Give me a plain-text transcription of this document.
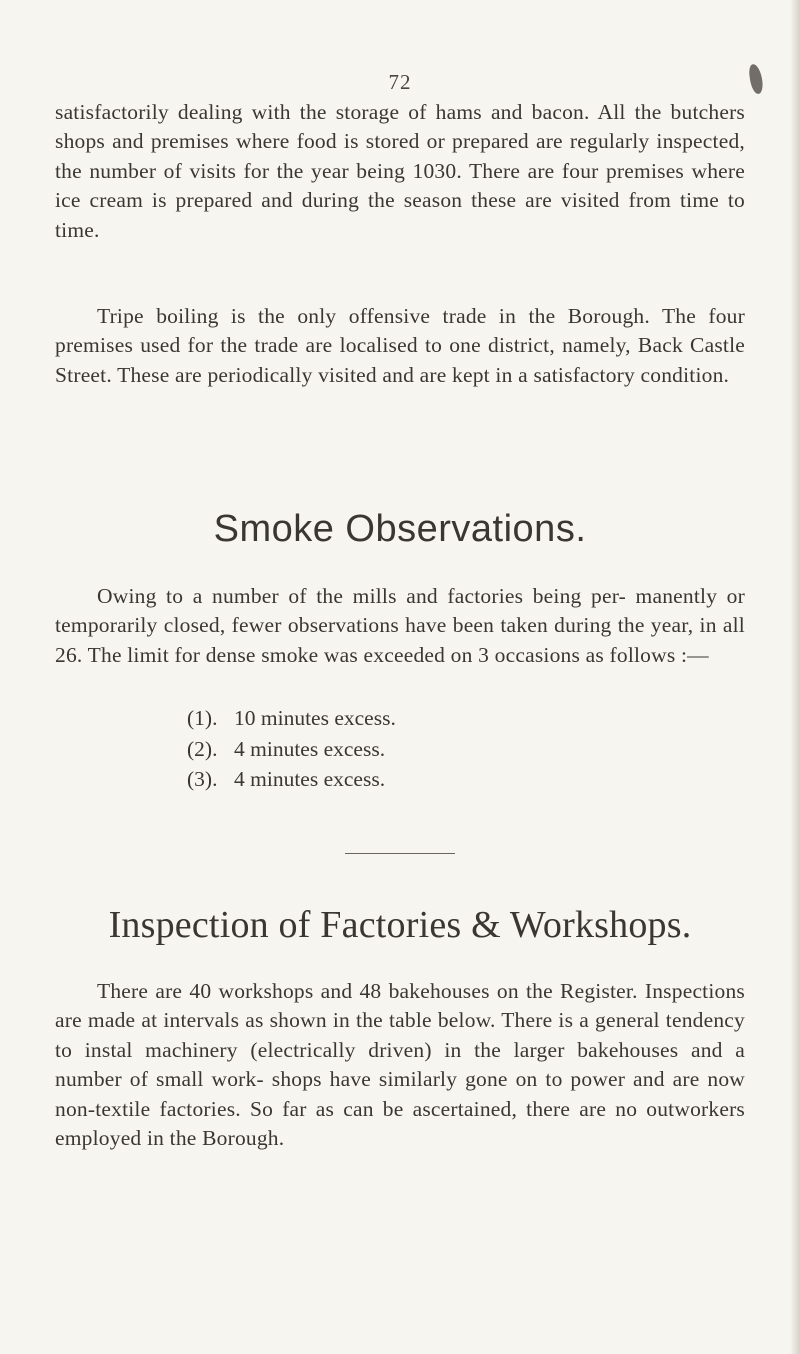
72

satisfactorily dealing with the storage of hams and bacon. All the butchers shops and premises where food is stored or prepared are regularly inspected, the number of visits for the year being 1030. There are four premises where ice cream is prepared and during the season these are visited from time to time.

Tripe boiling is the only offensive trade in the Borough. The four premises used for the trade are localised to one district, namely, Back Castle Street. These are periodically visited and are kept in a satisfactory condition.

Smoke Observations.

Owing to a number of the mills and factories being per- manently or temporarily closed, fewer observations have been taken during the year, in all 26. The limit for dense smoke was exceeded on 3 occasions as follows :—

(1). 10 minutes excess.
(2). 4 minutes excess.
(3). 4 minutes excess.
Inspection of Factories & Workshops.

There are 40 workshops and 48 bakehouses on the Register. Inspections are made at intervals as shown in the table below. There is a general tendency to instal machinery (electrically driven) in the larger bakehouses and a number of small work- shops have similarly gone on to power and are now non-textile factories. So far as can be ascertained, there are no outworkers employed in the Borough.
